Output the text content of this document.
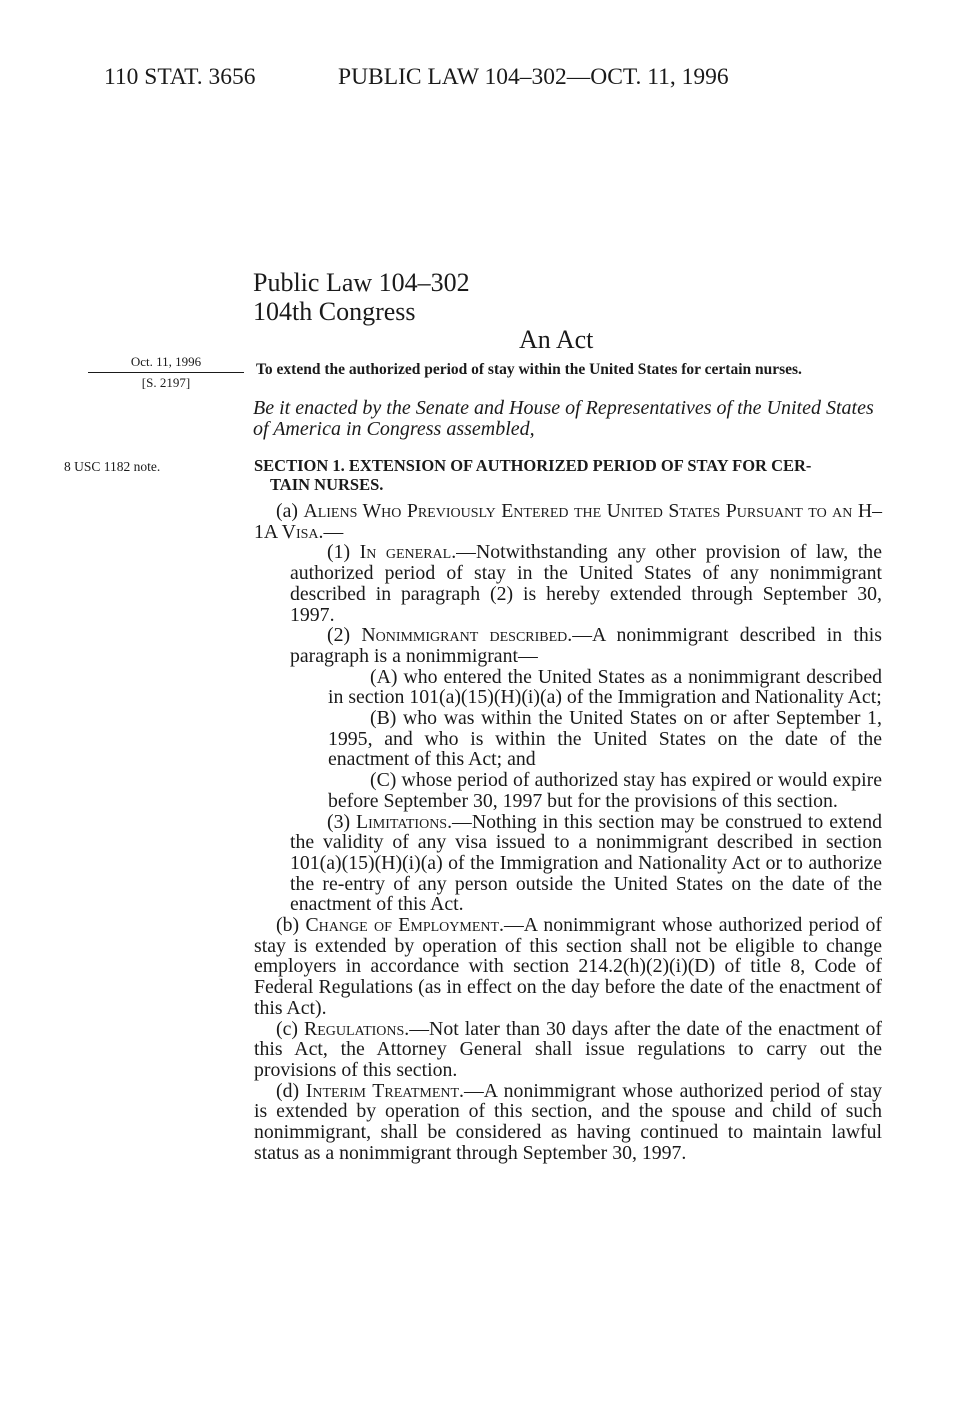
110 STAT. 3656	PUBLIC LAW 104–302—OCT. 11, 1996
Public Law 104–302
104th Congress
An Act
Oct. 11, 1996
[S. 2197]
To extend the authorized period of stay within the United States for certain nurses.
Be it enacted by the Senate and House of Representatives of the United States of America in Congress assembled,
8 USC 1182 note.	SECTION 1. EXTENSION OF AUTHORIZED PERIOD OF STAY FOR CER-
TAIN NURSES.

(a) Aliens Who Previously Entered the United States Pursuant to an H–1A Visa.—

(1) In general.—Notwithstanding any other provision of law, the authorized period of stay in the United States of any nonimmigrant described in paragraph (2) is hereby extended through September 30, 1997.

(2) Nonimmigrant described.—A nonimmigrant described in this paragraph is a nonimmigrant—

(A) who entered the United States as a nonimmigrant described in section 101(a)(15)(H)(i)(a) of the Immigration and Nationality Act;

(B) who was within the United States on or after September 1, 1995, and who is within the United States on the date of the enactment of this Act; and

(C) whose period of authorized stay has expired or would expire before September 30, 1997 but for the provisions of this section.

(3) Limitations.—Nothing in this section may be construed to extend the validity of any visa issued to a nonimmigrant described in section 101(a)(15)(H)(i)(a) of the Immigration and Nationality Act or to authorize the re-entry of any person outside the United States on the date of the enactment of this Act.

(b) Change of Employment.—A nonimmigrant whose authorized period of stay is extended by operation of this section shall not be eligible to change employers in accordance with section 214.2(h)(2)(i)(D) of title 8, Code of Federal Regulations (as in effect on the day before the date of the enactment of this Act).

(c) Regulations.—Not later than 30 days after the date of the enactment of this Act, the Attorney General shall issue regulations to carry out the provisions of this section.

(d) Interim Treatment.—A nonimmigrant whose authorized period of stay is extended by operation of this section, and the spouse and child of such nonimmigrant, shall be considered as having continued to maintain lawful status as a nonimmigrant through September 30, 1997.
